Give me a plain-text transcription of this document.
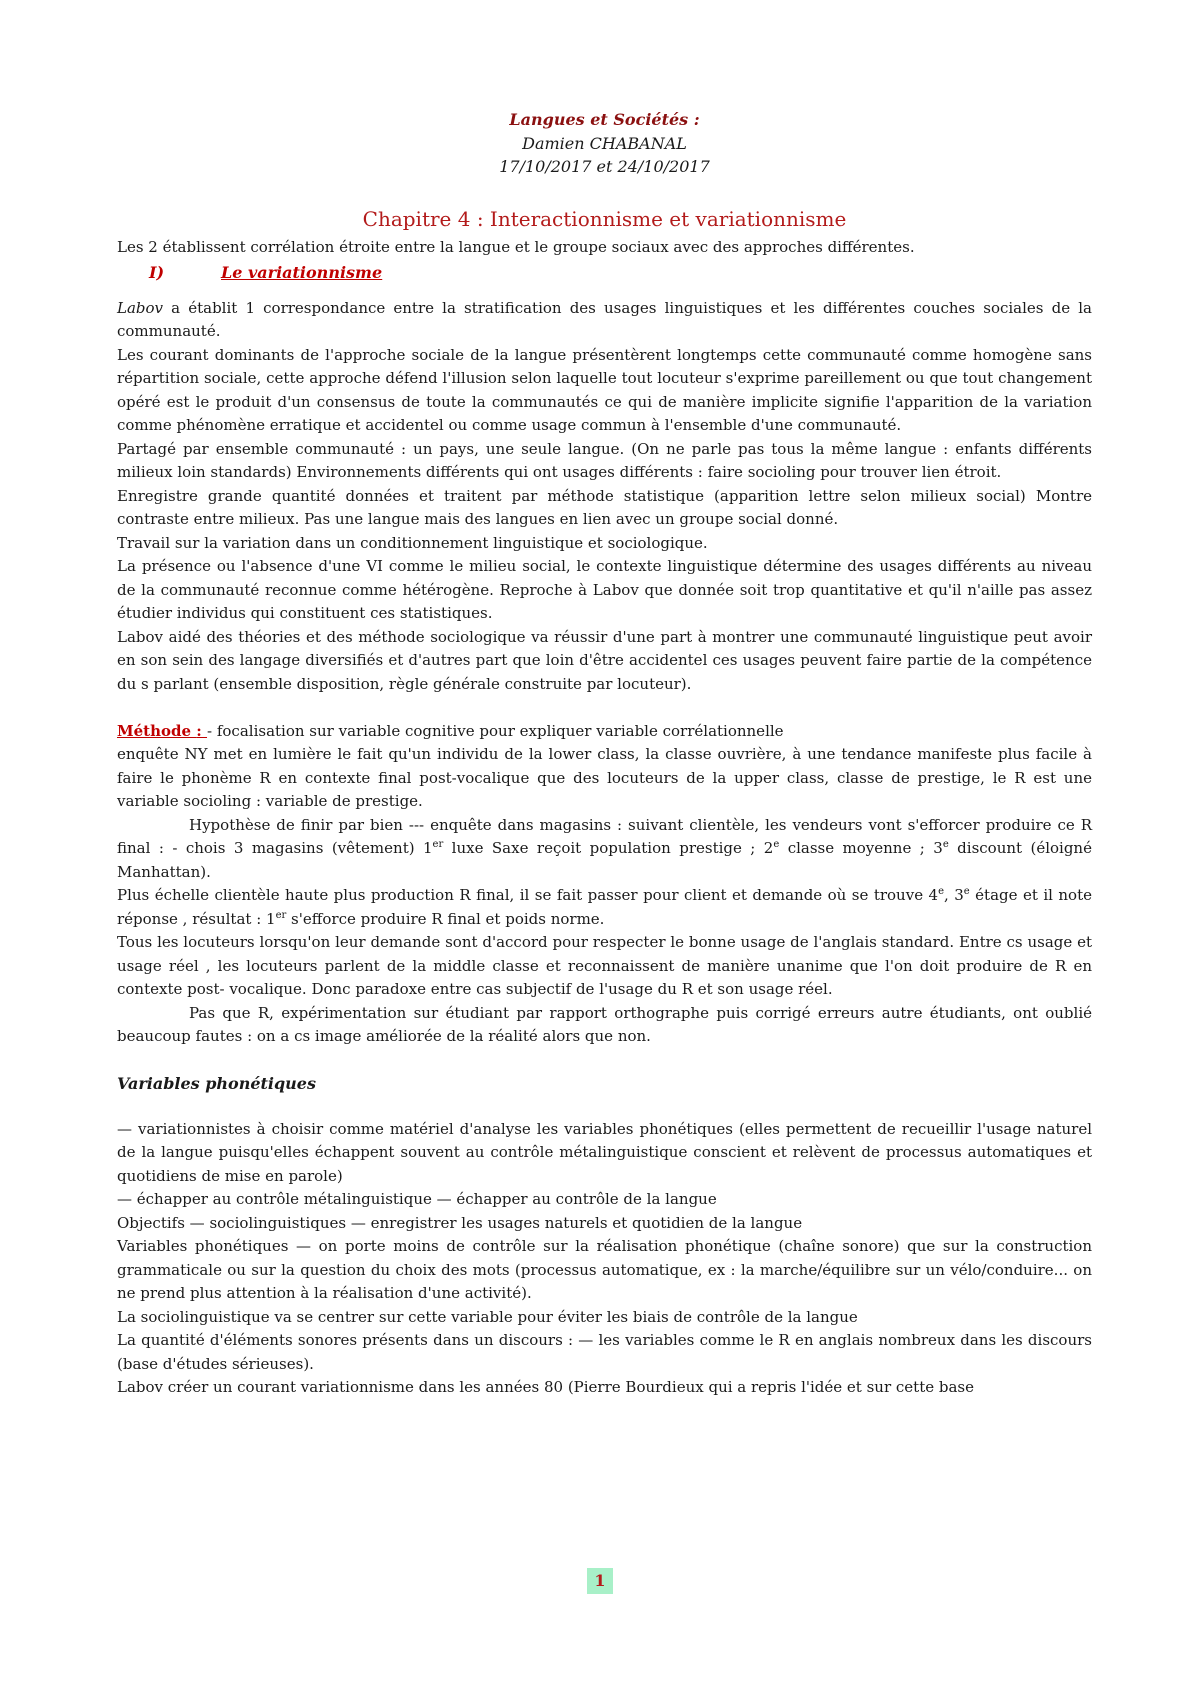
Langues et Sociétés :
Damien CHABANAL
17/10/2017 et 24/10/2017
Chapitre 4 : Interactionnisme et variationnisme

Les 2 établissent corrélation étroite entre la langue et le groupe sociaux avec des approches différentes.

I)	Le variationnisme

Labov a établit 1 correspondance entre la stratification des usages linguistiques et les différentes couches sociales de la communauté.

Les courant dominants de l'approche sociale de la langue présentèrent longtemps cette communauté comme homogène sans répartition sociale, cette approche défend l'illusion selon laquelle tout locuteur s'exprime pareillement ou que tout changement opéré est le produit d'un consensus de toute la communautés ce qui de manière implicite signifie l'apparition de la variation comme phénomène erratique et accidentel ou comme usage commun à l'ensemble d'une communauté.

Partagé par ensemble communauté : un pays, une seule langue. (On ne parle pas tous la même langue : enfants différents milieux loin standards) Environnements différents qui ont usages différents : faire socioling pour trouver lien étroit.

Enregistre grande quantité données et traitent par méthode statistique (apparition lettre selon milieux social) Montre contraste entre milieux. Pas une langue mais des langues en lien avec un groupe social donné.

Travail sur la variation dans un conditionnement linguistique et sociologique.

La présence ou l'absence d'une VI comme le milieu social, le contexte linguistique détermine des usages différents au niveau de la communauté reconnue comme hétérogène. Reproche à Labov que donnée soit trop quantitative et qu'il n'aille pas assez étudier individus qui constituent ces statistiques.

Labov aidé des théories et des méthode sociologique va réussir d'une part à montrer une communauté linguistique peut avoir en son sein des langage diversifiés et d'autres part que loin d'être accidentel ces usages peuvent faire partie de la compétence du s parlant (ensemble disposition, règle générale construite par locuteur).

Méthode : - focalisation sur variable cognitive pour expliquer variable corrélationnelle

enquête NY met en lumière le fait qu'un individu de la lower class, la classe ouvrière, à une tendance manifeste plus facile à faire le phonème R en contexte final post-vocalique que des locuteurs de la upper class, classe de prestige, le R est une variable socioling : variable de prestige.

Hypothèse de finir par bien --- enquête dans magasins : suivant clientèle, les vendeurs vont s'efforcer produire ce R final : - chois 3 magasins (vêtement) 1er luxe Saxe reçoit population prestige ; 2e classe moyenne ; 3e discount (éloigné Manhattan).

Plus échelle clientèle haute plus production R final, il se fait passer pour client et demande où se trouve 4e, 3e étage et il note réponse , résultat : 1er s'efforce produire R final et poids norme.

Tous les locuteurs lorsqu'on leur demande sont d'accord pour respecter le bonne usage de l'anglais standard. Entre cs usage et usage réel , les locuteurs parlent de la middle classe et reconnaissent de manière unanime que l'on doit produire de R en contexte post- vocalique. Donc paradoxe entre cas subjectif de l'usage du R et son usage réel.

Pas que R, expérimentation sur étudiant par rapport orthographe puis corrigé erreurs autre étudiants, ont oublié beaucoup fautes : on a cs image améliorée de la réalité alors que non.

Variables phonétiques

— variationnistes à choisir comme matériel d'analyse les variables phonétiques (elles permettent de recueillir l'usage naturel de la langue puisqu'elles échappent souvent au contrôle métalinguistique conscient et relèvent de processus automatiques et quotidiens de mise en parole)

— échapper au contrôle métalinguistique — échapper au contrôle de la langue

Objectifs — sociolinguistiques — enregistrer les usages naturels et quotidien de la langue

Variables phonétiques — on porte moins de contrôle sur la réalisation phonétique (chaîne sonore) que sur la construction grammaticale ou sur la question du choix des mots (processus automatique, ex : la marche/équilibre sur un vélo/conduire... on ne prend plus attention à la réalisation d'une activité).

La sociolinguistique va se centrer sur cette variable pour éviter les biais de contrôle de la langue

La quantité d'éléments sonores présents dans un discours : — les variables comme le R en anglais nombreux dans les discours (base d'études sérieuses).

Labov créer un courant variationnisme dans les années 80 (Pierre Bourdieux qui a repris l'idée et sur cette base

1
